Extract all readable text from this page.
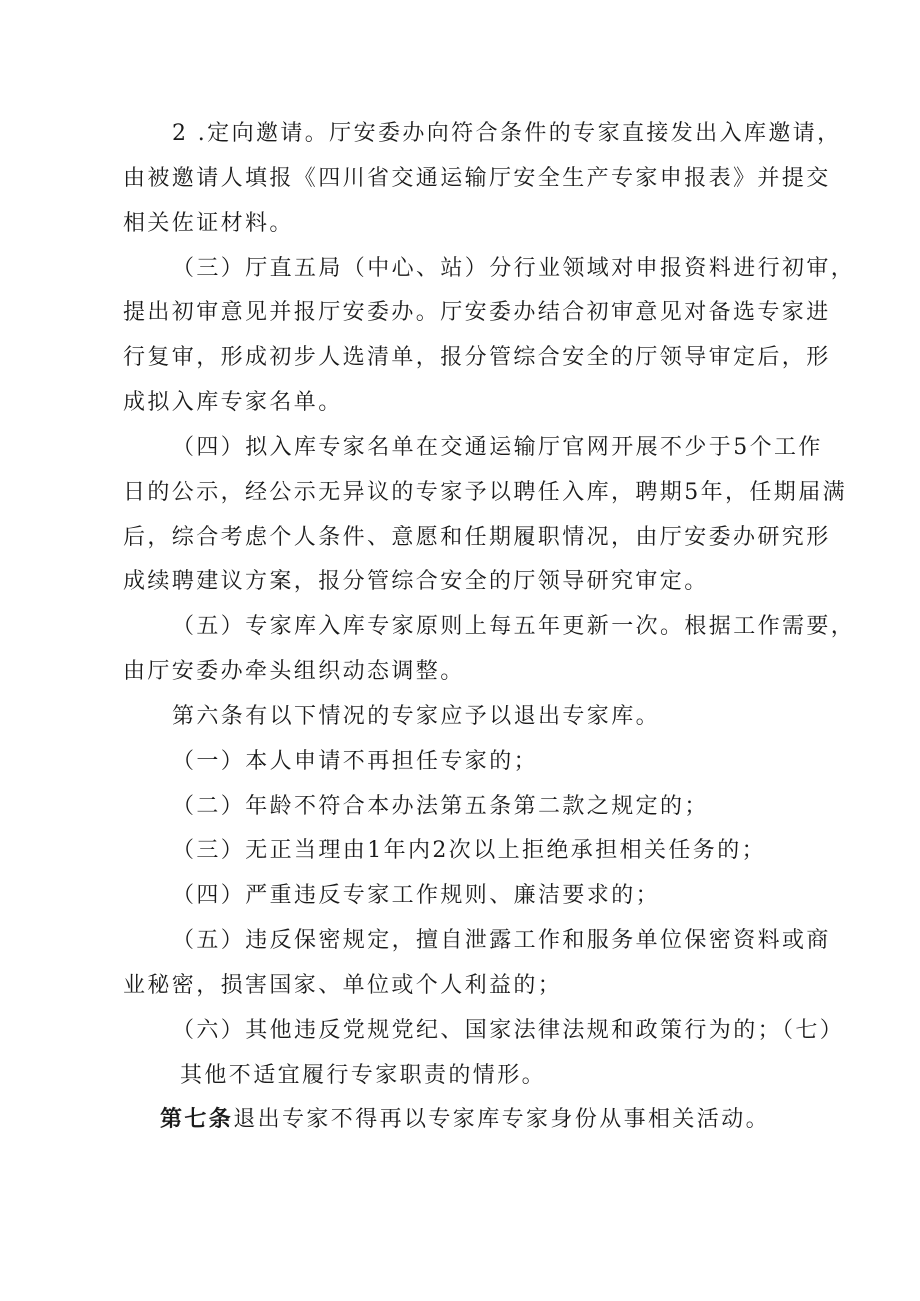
2 .定向邀请。厅安委办向符合条件的专家直接发出入库邀请，
由被邀请人填报《四川省交通运输厅安全生产专家申报表》并提交
相关佐证材料。
（三）厅直五局（中心、站）分行业领域对申报资料进行初审，
提出初审意见并报厅安委办。厅安委办结合初审意见对备选专家进
行复审，形成初步人选清单，报分管综合安全的厅领导审定后，形
成拟入库专家名单。
（四）拟入库专家名单在交通运输厅官网开展不少于5个工作
日的公示，经公示无异议的专家予以聘任入库，聘期5年，任期届满
后，综合考虑个人条件、意愿和任期履职情况，由厅安委办研究形
成续聘建议方案，报分管综合安全的厅领导研究审定。
（五）专家库入库专家原则上每五年更新一次。根据工作需要，
由厅安委办牵头组织动态调整。
第六条有以下情况的专家应予以退出专家库。
（一）本人申请不再担任专家的；
（二）年龄不符合本办法第五条第二款之规定的；
（三）无正当理由1年内2次以上拒绝承担相关任务的；
（四）严重违反专家工作规则、廉洁要求的；
（五）违反保密规定，擅自泄露工作和服务单位保密资料或商
业秘密，损害国家、单位或个人利益的；
（六）其他违反党规党纪、国家法律法规和政策行为的；（七）
其他不适宜履行专家职责的情形。
第七条退出专家不得再以专家库专家身份从事相关活动。
